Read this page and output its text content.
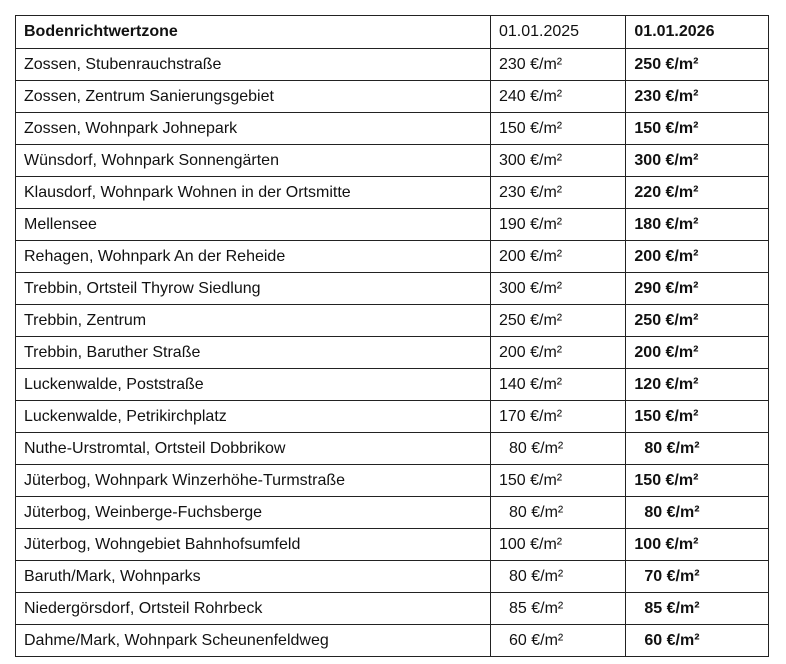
Bodenrichtwertzone	01.01.2025	01.01.2026
Zossen, Stubenrauchstraße	230 €/m²	250 €/m²
Zossen, Zentrum Sanierungsgebiet	240 €/m²	230 €/m²
Zossen, Wohnpark Johnepark	150 €/m²	150 €/m²
Wünsdorf, Wohnpark Sonnengärten	300 €/m²	300 €/m²
Klausdorf, Wohnpark Wohnen in der Ortsmitte	230 €/m²	220 €/m²
Mellensee	190 €/m²	180 €/m²
Rehagen, Wohnpark An der Reheide	200 €/m²	200 €/m²
Trebbin, Ortsteil Thyrow Siedlung	300 €/m²	290 €/m²
Trebbin, Zentrum	250 €/m²	250 €/m²
Trebbin, Baruther Straße	200 €/m²	200 €/m²
Luckenwalde, Poststraße	140 €/m²	120 €/m²
Luckenwalde, Petrikirchplatz	170 €/m²	150 €/m²
Nuthe-Urstromtal, Ortsteil Dobbrikow	80 €/m²	80 €/m²
Jüterbog, Wohnpark Winzerhöhe-Turmstraße	150 €/m²	150 €/m²
Jüterbog, Weinberge-Fuchsberge	80 €/m²	80 €/m²
Jüterbog, Wohngebiet Bahnhofsumfeld	100 €/m²	100 €/m²
Baruth/Mark, Wohnparks	80 €/m²	70 €/m²
Niedergörsdorf, Ortsteil Rohrbeck	85 €/m²	85 €/m²
Dahme/Mark, Wohnpark Scheunenfeldweg	60 €/m²	60 €/m²
